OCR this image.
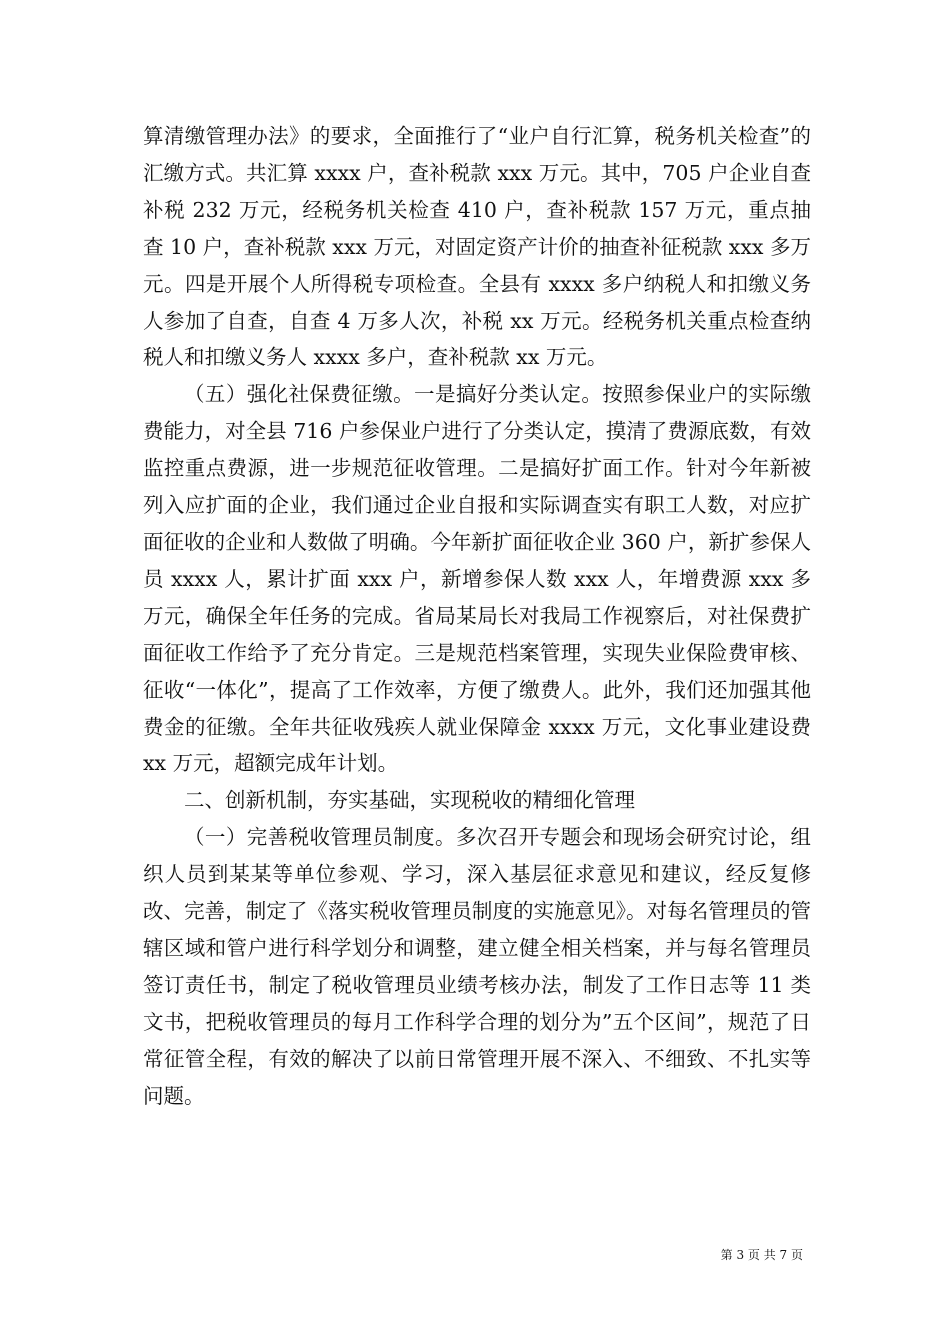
算清缴管理办法》的要求，全面推行了“业户自行汇算，税务机关检查”的汇缴方式。共汇算 xxxx 户，查补税款 xxx 万元。其中，705 户企业自查补税 232 万元，经税务机关检查 410 户，查补税款 157 万元，重点抽查 10 户，查补税款 xxx 万元，对固定资产计价的抽查补征税款 xxx 多万元。四是开展个人所得税专项检查。全县有 xxxx 多户纳税人和扣缴义务人参加了自查，自查 4 万多人次，补税 xx 万元。经税务机关重点检查纳税人和扣缴义务人 xxxx 多户，查补税款 xx 万元。

（五）强化社保费征缴。一是搞好分类认定。按照参保业户的实际缴费能力，对全县 716 户参保业户进行了分类认定，摸清了费源底数，有效监控重点费源，进一步规范征收管理。二是搞好扩面工作。针对今年新被列入应扩面的企业，我们通过企业自报和实际调查实有职工人数，对应扩面征收的企业和人数做了明确。今年新扩面征收企业 360 户，新扩参保人员 xxxx 人，累计扩面 xxx 户，新增参保人数 xxx 人，年增费源 xxx 多万元，确保全年任务的完成。省局某局长对我局工作视察后，对社保费扩面征收工作给予了充分肯定。三是规范档案管理，实现失业保险费审核、征收“一体化”，提高了工作效率，方便了缴费人。此外，我们还加强其他费金的征缴。全年共征收残疾人就业保障金 xxxx 万元，文化事业建设费 xx 万元，超额完成年计划。

二、创新机制，夯实基础，实现税收的精细化管理

（一）完善税收管理员制度。多次召开专题会和现场会研究讨论，组织人员到某某等单位参观、学习，深入基层征求意见和建议，经反复修改、完善，制定了《落实税收管理员制度的实施意见》。对每名管理员的管辖区域和管户进行科学划分和调整，建立健全相关档案，并与每名管理员签订责任书，制定了税收管理员业绩考核办法，制发了工作日志等 11 类文书，把税收管理员的每月工作科学合理的划分为”五个区间”，规范了日常征管全程，有效的解决了以前日常管理开展不深入、不细致、不扎实等问题。

第 3 页 共 7 页
